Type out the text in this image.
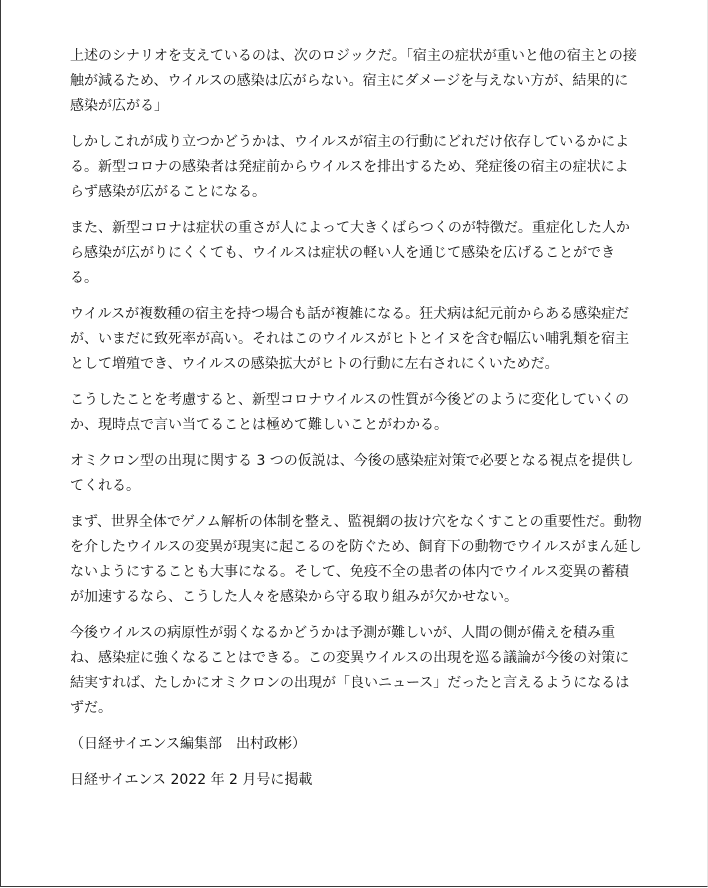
上述のシナリオを支えているのは、次のロジックだ。「宿主の症状が重いと他の宿主との接触が減るため、ウイルスの感染は広がらない。宿主にダメージを与えない方が、結果的に感染が広がる」

しかしこれが成り立つかどうかは、ウイルスが宿主の行動にどれだけ依存しているかによる。新型コロナの感染者は発症前からウイルスを排出するため、発症後の宿主の症状によらず感染が広がることになる。

また、新型コロナは症状の重さが人によって大きくばらつくのが特徴だ。重症化した人から感染が広がりにくくても、ウイルスは症状の軽い人を通じて感染を広げることができる。

ウイルスが複数種の宿主を持つ場合も話が複雑になる。狂犬病は紀元前からある感染症だが、いまだに致死率が高い。それはこのウイルスがヒトとイヌを含む幅広い哺乳類を宿主として増殖でき、ウイルスの感染拡大がヒトの行動に左右されにくいためだ。

こうしたことを考慮すると、新型コロナウイルスの性質が今後どのように変化していくのか、現時点で言い当てることは極めて難しいことがわかる。

オミクロン型の出現に関する 3 つの仮説は、今後の感染症対策で必要となる視点を提供してくれる。

まず、世界全体でゲノム解析の体制を整え、監視網の抜け穴をなくすことの重要性だ。動物を介したウイルスの変異が現実に起こるのを防ぐため、飼育下の動物でウイルスがまん延しないようにすることも大事になる。そして、免疫不全の患者の体内でウイルス変異の蓄積が加速するなら、こうした人々を感染から守る取り組みが欠かせない。

今後ウイルスの病原性が弱くなるかどうかは予測が難しいが、人間の側が備えを積み重ね、感染症に強くなることはできる。この変異ウイルスの出現を巡る議論が今後の対策に結実すれば、たしかにオミクロンの出現が「良いニュース」だったと言えるようになるはずだ。

（日経サイエンス編集部　出村政彬）

日経サイエンス 2022 年 2 月号に掲載
